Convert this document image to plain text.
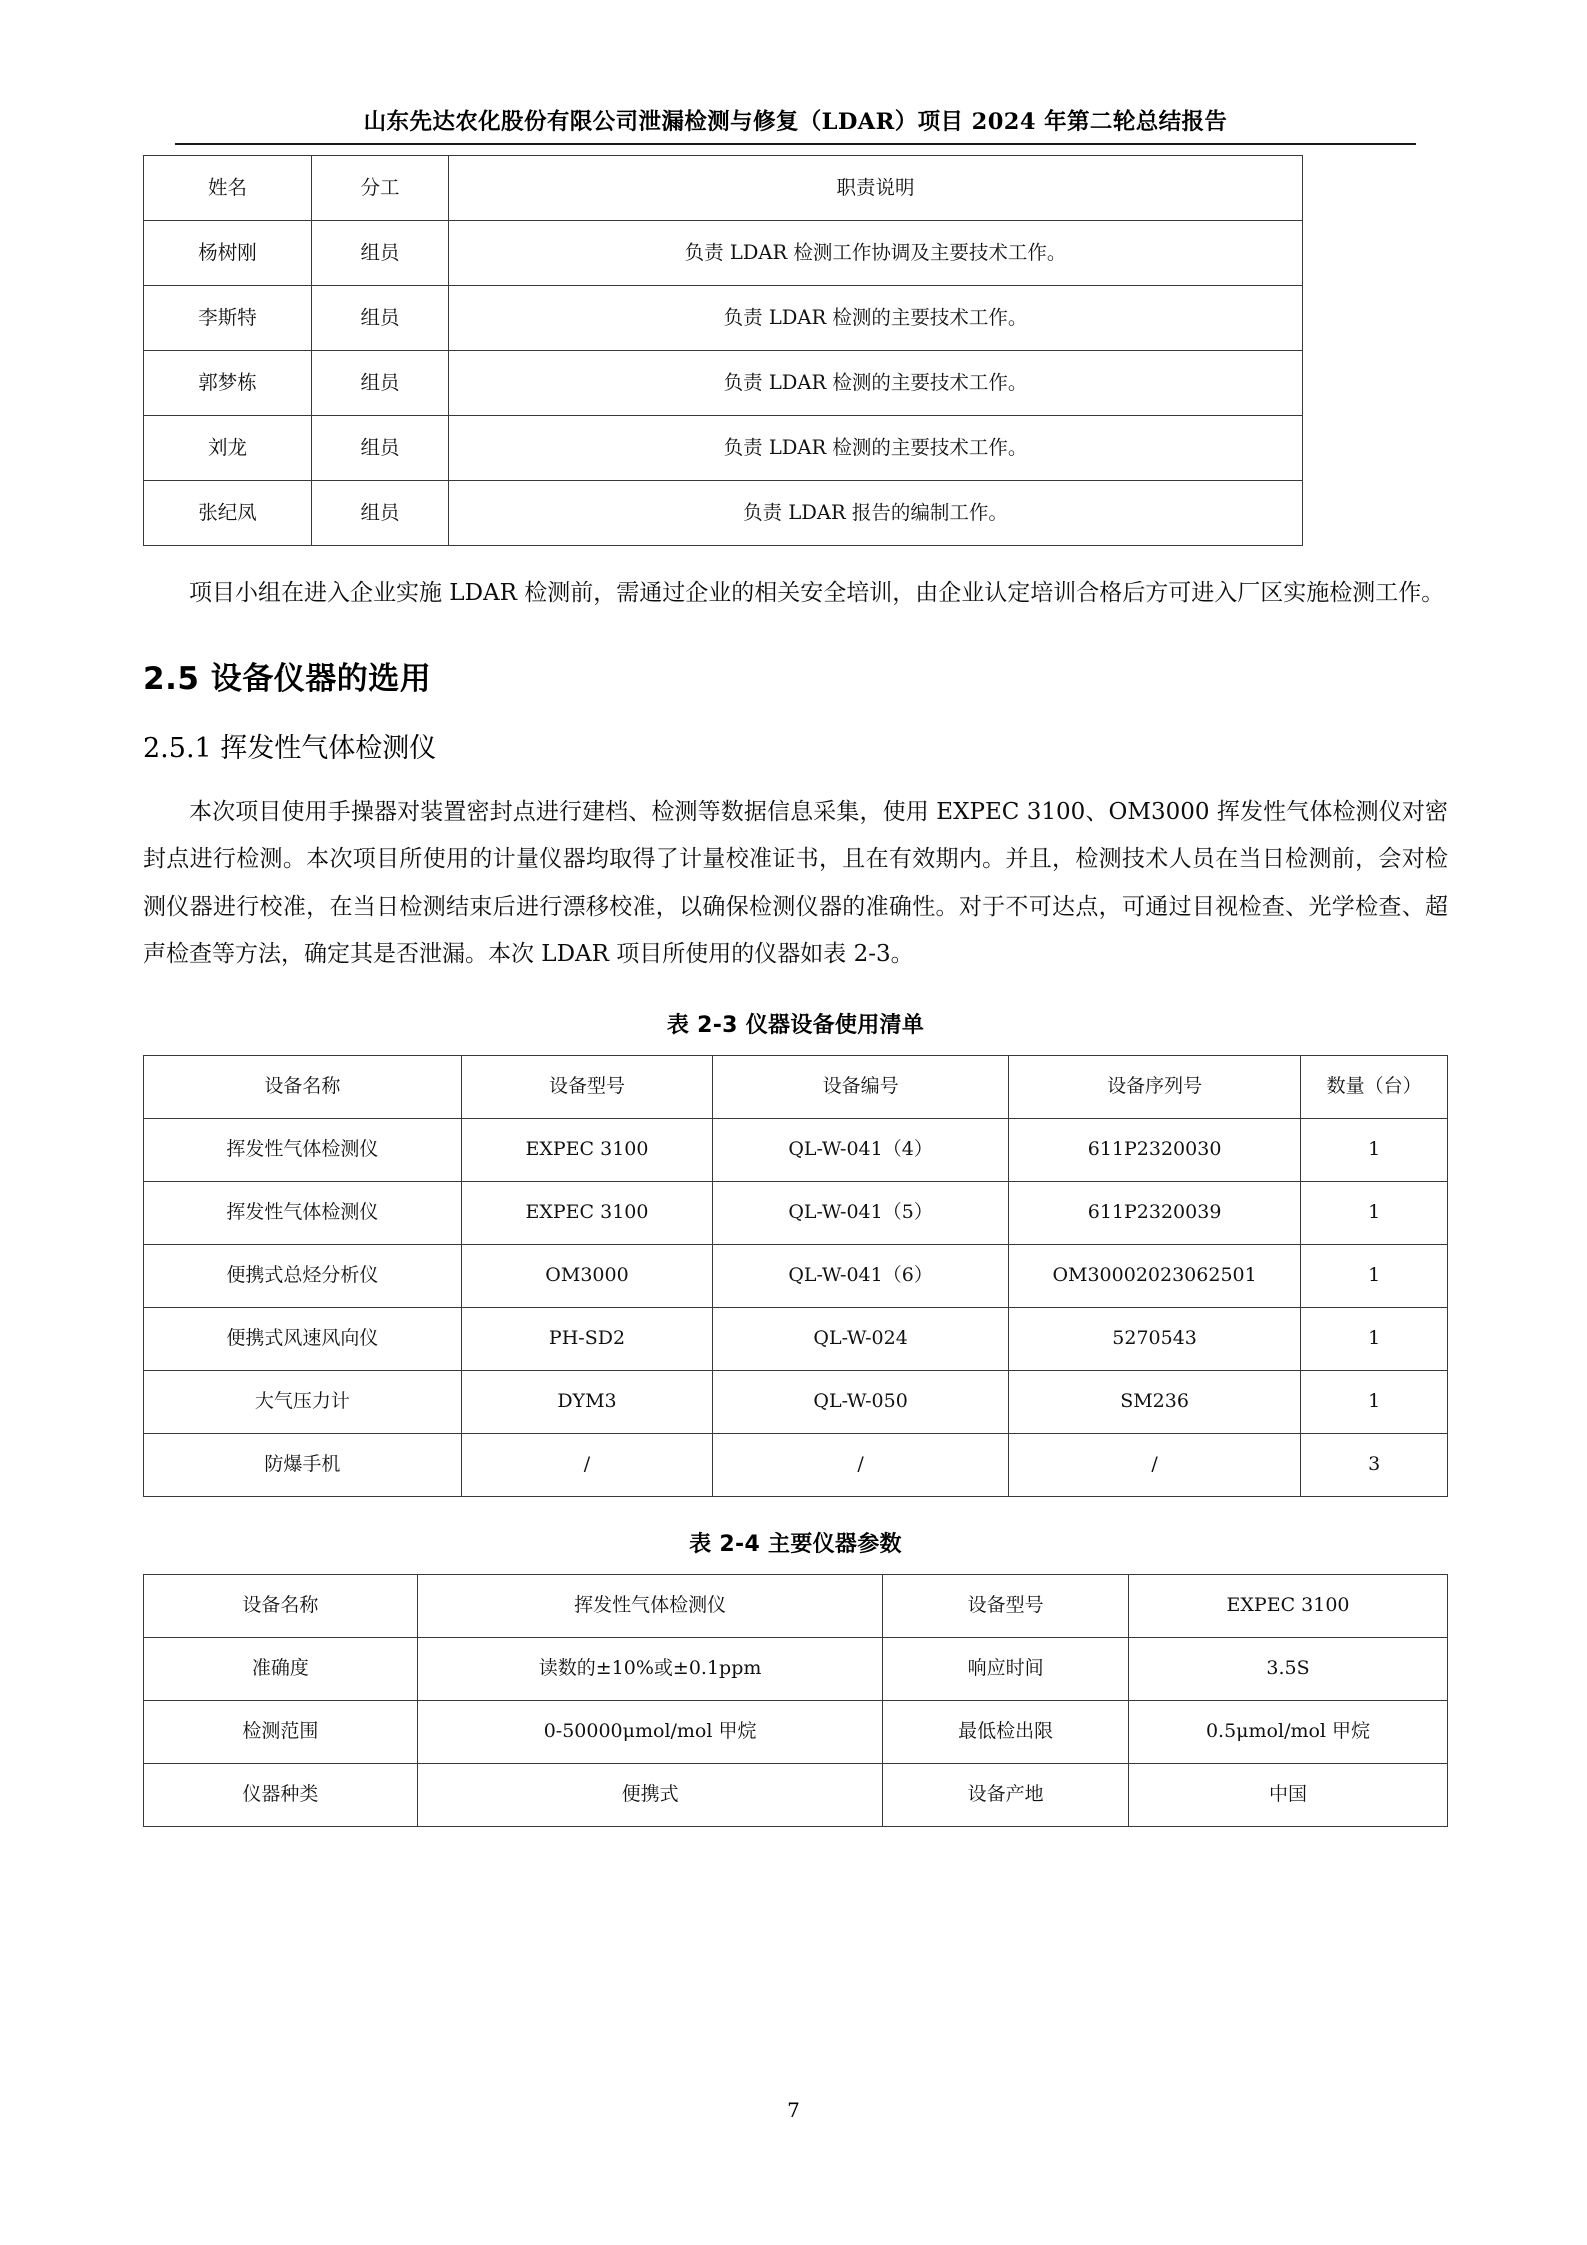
山东先达农化股份有限公司泄漏检测与修复（LDAR）项目 2024 年第二轮总结报告
姓名	分工	职责说明
杨树刚	组员	负责 LDAR 检测工作协调及主要技术工作。
李斯特	组员	负责 LDAR 检测的主要技术工作。
郭梦栋	组员	负责 LDAR 检测的主要技术工作。
刘龙	组员	负责 LDAR 检测的主要技术工作。
张纪凤	组员	负责 LDAR 报告的编制工作。

项目小组在进入企业实施 LDAR 检测前，需通过企业的相关安全培训，由企业认定培训合格后方可进入厂区实施检测工作。

2.5 设备仪器的选用
2.5.1 挥发性气体检测仪

本次项目使用手操器对装置密封点进行建档、检测等数据信息采集，使用 EXPEC 3100、OM3000 挥发性气体检测仪对密封点进行检测。本次项目所使用的计量仪器均取得了计量校准证书，且在有效期内。并且，检测技术人员在当日检测前，会对检测仪器进行校准，在当日检测结束后进行漂移校准，以确保检测仪器的准确性。对于不可达点，可通过目视检查、光学检查、超声检查等方法，确定其是否泄漏。本次 LDAR 项目所使用的仪器如表 2-3。

表 2-3 仪器设备使用清单
设备名称	设备型号	设备编号	设备序列号	数量（台）
挥发性气体检测仪	EXPEC 3100	QL-W-041（4）	611P2320030	1
挥发性气体检测仪	EXPEC 3100	QL-W-041（5）	611P2320039	1
便携式总烃分析仪	OM3000	QL-W-041（6）	OM30002023062501	1
便携式风速风向仪	PH-SD2	QL-W-024	5270543	1
大气压力计	DYM3	QL-W-050	SM236	1
防爆手机	/	/	/	3
表 2-4 主要仪器参数
设备名称	挥发性气体检测仪	设备型号	EXPEC 3100
准确度	读数的±10%或±0.1ppm	响应时间	3.5S
检测范围	0-50000μmol/mol 甲烷	最低检出限	0.5μmol/mol 甲烷
仪器种类	便携式	设备产地	中国
7
